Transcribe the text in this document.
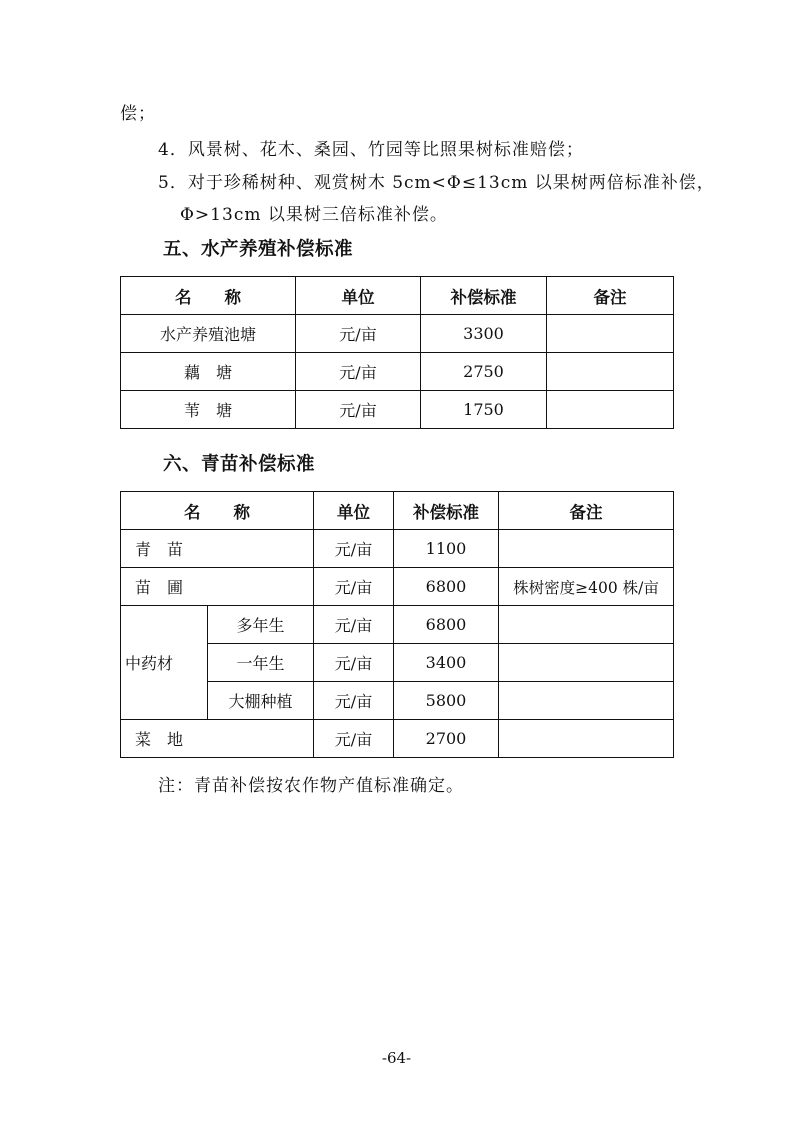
偿；
4．风景树、花木、桑园、竹园等比照果树标准赔偿；
5．对于珍稀树种、观赏树木 5cm<Φ≤13cm 以果树两倍标准补偿，
Φ>13cm 以果树三倍标准补偿。
五、水产养殖补偿标准
名　　称	单位	补偿标准	备注
水产养殖池塘	元/亩	3300	
藕　塘	元/亩	2750	
苇　塘	元/亩	1750	
六、青苗补偿标准
名　　称		单位	补偿标准	备注
青　苗		元/亩	1100	
苗　圃		元/亩	6800	株树密度≥400 株/亩
中药材	多年生	元/亩	6800	
	一年生	元/亩	3400	
	大棚种植	元/亩	5800	
菜　地		元/亩	2700	
注：青苗补偿按农作物产值标准确定。
-64-
